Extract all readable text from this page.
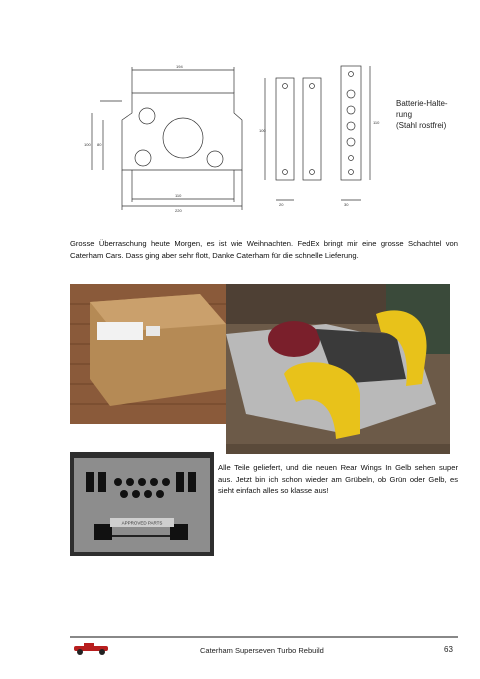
194
100 80
110
220
100
20
110
30
Batterie-Halte-
rung
(Stahl rostfrei)
Grosse Überraschung heute Morgen, es ist wie Weihnachten. FedEx bringt mir eine grosse Schachtel von Caterham Cars. Dass ging aber sehr flott, Danke Caterham für die schnelle Lieferung.
APPROVED PARTS
Alle Teile geliefert, und die neuen Rear Wings In Gelb sehen super aus. Jetzt bin ich schon wieder am Grübeln, ob Grün oder Gelb, es sieht einfach alles so klasse aus!
Caterham Superseven Turbo Rebuild	63
